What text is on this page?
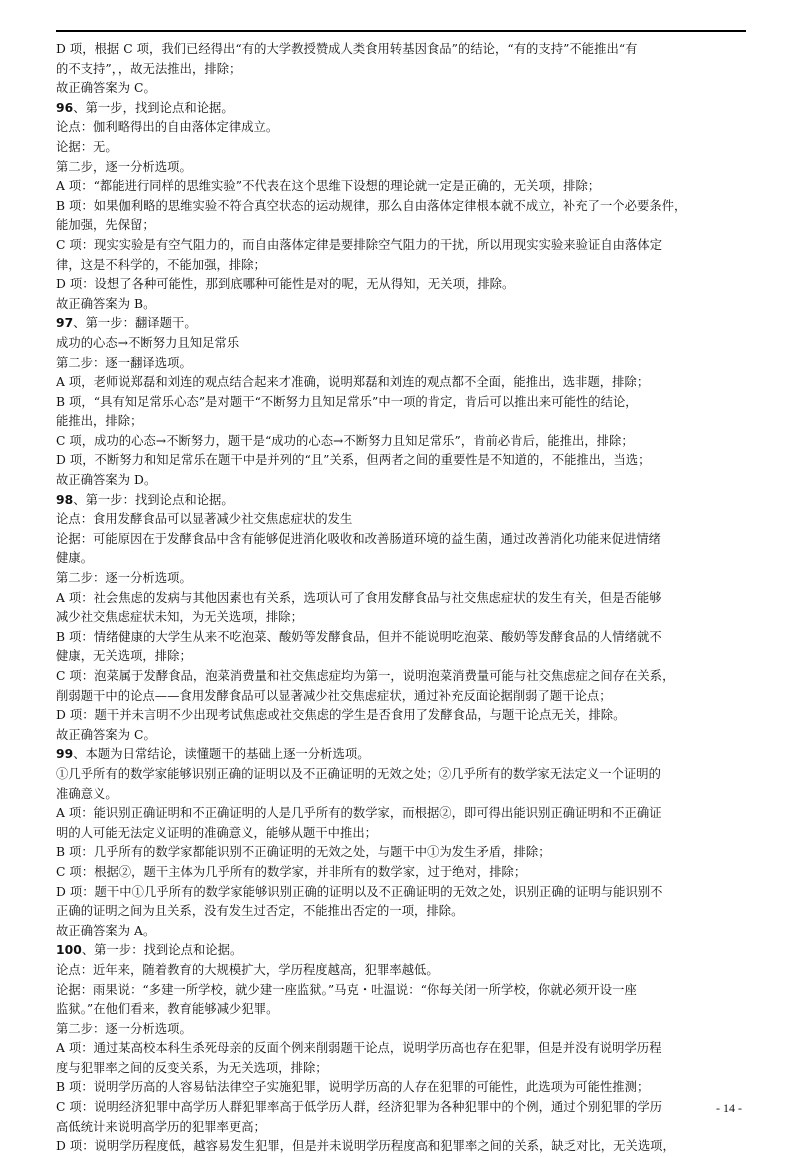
D 项，根据 C 项，我们已经得出“有的大学教授赞成人类食用转基因食品”的结论，“有的支持”不能推出“有
的不支持”，，故无法推出，排除；
故正确答案为 C。
96、第一步，找到论点和论据。
论点：伽利略得出的自由落体定律成立。
论据：无。
第二步，逐一分析选项。
A 项：“都能进行同样的思维实验”不代表在这个思维下设想的理论就一定是正确的，无关项，排除；
B 项：如果伽利略的思维实验不符合真空状态的运动规律，那么自由落体定律根本就不成立，补充了一个必要条件，
能加强，先保留；
C 项：现实实验是有空气阻力的，而自由落体定律是要排除空气阻力的干扰，所以用现实实验来验证自由落体定
律，这是不科学的，不能加强，排除；
D 项：设想了各种可能性，那到底哪种可能性是对的呢，无从得知，无关项，排除。
故正确答案为 B。
97、第一步：翻译题干。
成功的心态→不断努力且知足常乐
第二步：逐一翻译选项。
A 项，老师说郑磊和刘连的观点结合起来才准确，说明郑磊和刘连的观点都不全面，能推出，选非题，排除；
B 项，“具有知足常乐心态”是对题干“不断努力且知足常乐”中一项的肯定，肯后可以推出来可能性的结论，
能推出，排除；
C 项，成功的心态→不断努力，题干是“成功的心态→不断努力且知足常乐”，肯前必肯后，能推出，排除；
D 项，不断努力和知足常乐在题干中是并列的“且”关系，但两者之间的重要性是不知道的，不能推出，当选；
故正确答案为 D。
98、第一步：找到论点和论据。
论点：食用发酵食品可以显著减少社交焦虑症状的发生
论据：可能原因在于发酵食品中含有能够促进消化吸收和改善肠道环境的益生菌，通过改善消化功能来促进情绪
健康。
第二步：逐一分析选项。
A 项：社会焦虑的发病与其他因素也有关系，选项认可了食用发酵食品与社交焦虑症状的发生有关，但是否能够
减少社交焦虑症状未知，为无关选项，排除；
B 项：情绪健康的大学生从来不吃泡菜、酸奶等发酵食品，但并不能说明吃泡菜、酸奶等发酵食品的人情绪就不
健康，无关选项，排除；
C 项：泡菜属于发酵食品，泡菜消费量和社交焦虑症均为第一，说明泡菜消费量可能与社交焦虑症之间存在关系，
削弱题干中的论点——食用发酵食品可以显著减少社交焦虑症状，通过补充反面论据削弱了题干论点；
D 项：题干并未言明不少出现考试焦虑或社交焦虑的学生是否食用了发酵食品，与题干论点无关，排除。
故正确答案为 C。
99、本题为日常结论，读懂题干的基础上逐一分析选项。
①几乎所有的数学家能够识别正确的证明以及不正确证明的无效之处；②几乎所有的数学家无法定义一个证明的
准确意义。
A 项：能识别正确证明和不正确证明的人是几乎所有的数学家，而根据②，即可得出能识别正确证明和不正确证
明的人可能无法定义证明的准确意义，能够从题干中推出；
B 项：几乎所有的数学家都能识别不正确证明的无效之处，与题干中①为发生矛盾，排除；
C 项：根据②，题干主体为几乎所有的数学家，并非所有的数学家，过于绝对，排除；
D 项：题干中①几乎所有的数学家能够识别正确的证明以及不正确证明的无效之处，识别正确的证明与能识别不
正确的证明之间为且关系，没有发生过否定，不能推出否定的一项，排除。
故正确答案为 A。
100、第一步：找到论点和论据。
论点：近年来，随着教育的大规模扩大，学历程度越高，犯罪率越低。
论据：雨果说：“多建一所学校，就少建一座监狱。”马克・吐温说：“你每关闭一所学校，你就必须开设一座
监狱。”在他们看来，教育能够减少犯罪。
第二步：逐一分析选项。
A 项：通过某高校本科生杀死母亲的反面个例来削弱题干论点，说明学历高也存在犯罪，但是并没有说明学历程
度与犯罪率之间的反变关系，为无关选项，排除；
B 项：说明学历高的人容易钻法律空子实施犯罪，说明学历高的人存在犯罪的可能性，此选项为可能性推测；
C 项：说明经济犯罪中高学历人群犯罪率高于低学历人群，经济犯罪为各种犯罪中的个例，通过个别犯罪的学历
高低统计来说明高学历的犯罪率更高；
D 项：说明学历程度低，越容易发生犯罪，但是并未说明学历程度高和犯罪率之间的关系，缺乏对比，无关选项，
- 14 -
